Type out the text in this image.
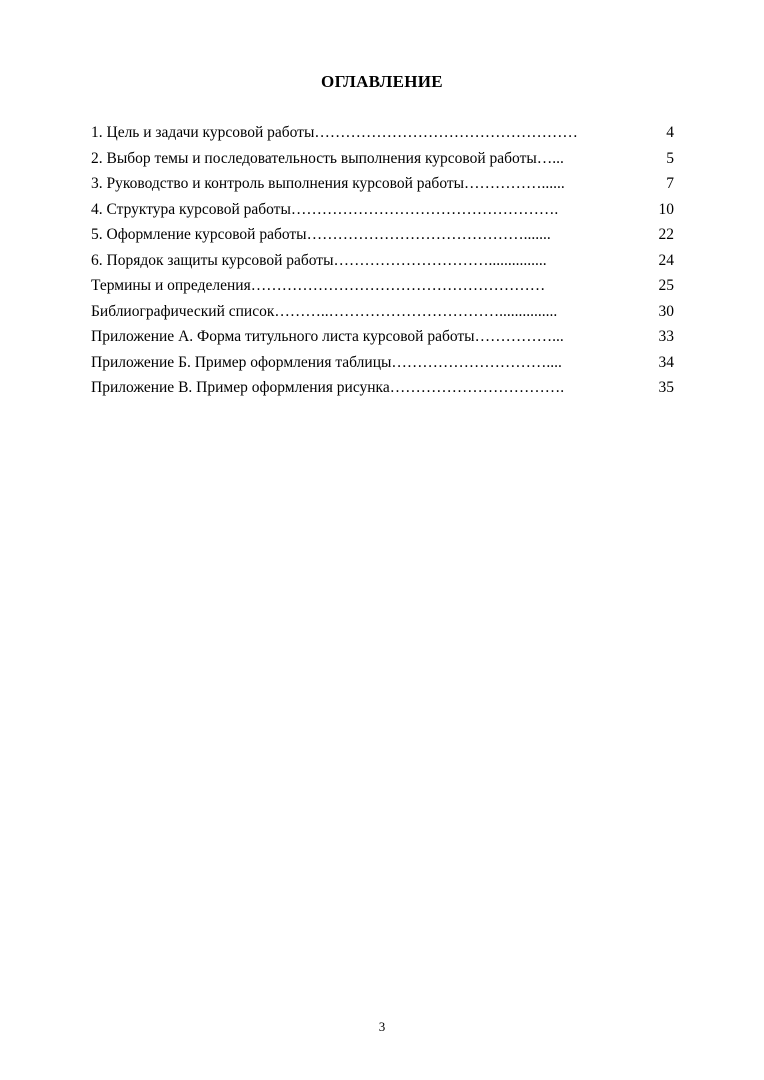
ОГЛАВЛЕНИЕ
1. Цель и задачи курсовой работы……………………………………………	4
2. Выбор темы и последовательность выполнения курсовой работы…...	5
3. Руководство и контроль выполнения курсовой работы……………......	7
4. Структура курсовой работы…………………………………………….	10
5. Оформление курсовой работы…………………………………….......	22
6. Порядок защиты курсовой работы…………………………...............	24
Термины и определения…………………………………………………	25
Библиографический список………..……………………………...............	30
Приложение А. Форма титульного листа курсовой работы……………...	33
Приложение Б. Пример оформления таблицы…………………………....	34
Приложение В. Пример оформления рисунка…………………………….	35
3
